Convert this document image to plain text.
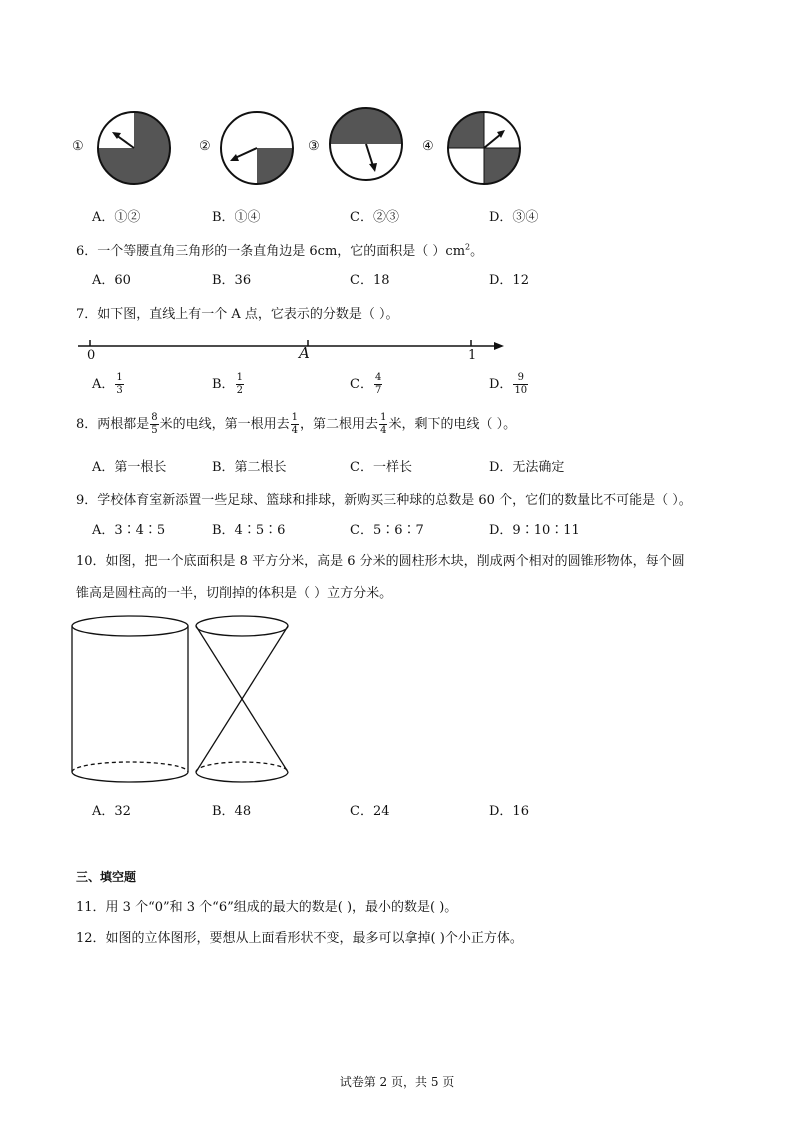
①	②	③	④
A．①②	B．①④	C．②③	D．③④
6．一个等腰直角三角形的一条直角边是 6cm，它的面积是（ ）$cm^2$。
A．60	B．36	C．18	D．12
7．如下图，直线上有一个 A 点，它表示的分数是（ ）。
0	A	1
A． $\frac{1}{3}$	B． $\frac{1}{2}$	C． $\frac{4}{7}$	D． $\frac{9}{10}$
8．两根都是 $\frac{8}{5}$ 米的电线，第一根用去 $\frac{1}{4}$ ，第二根用去 $\frac{1}{4}$ 米，剩下的电线（ ）。
A．第一根长	B．第二根长	C．一样长	D．无法确定
9．学校体育室新添置一些足球、篮球和排球，新购买三种球的总数是 60 个，它们的数量比不可能是（ ）。
A．3∶4∶5	B．4∶5∶6	C．5∶6∶7	D．9∶10∶11
10．如图，把一个底面积是 8 平方分米，高是 6 分米的圆柱形木块，削成两个相对的圆锥形物体，每个圆
锥高是圆柱高的一半，切削掉的体积是（ ）立方分米。
A．32	B．48	C．24	D．16
三、填空题
11．用 3 个“0”和 3 个“6”组成的最大的数是( )，最小的数是( )。
12．如图的立体图形，要想从上面看形状不变，最多可以拿掉( )个小正方体。
试卷第 2 页，共 5 页
